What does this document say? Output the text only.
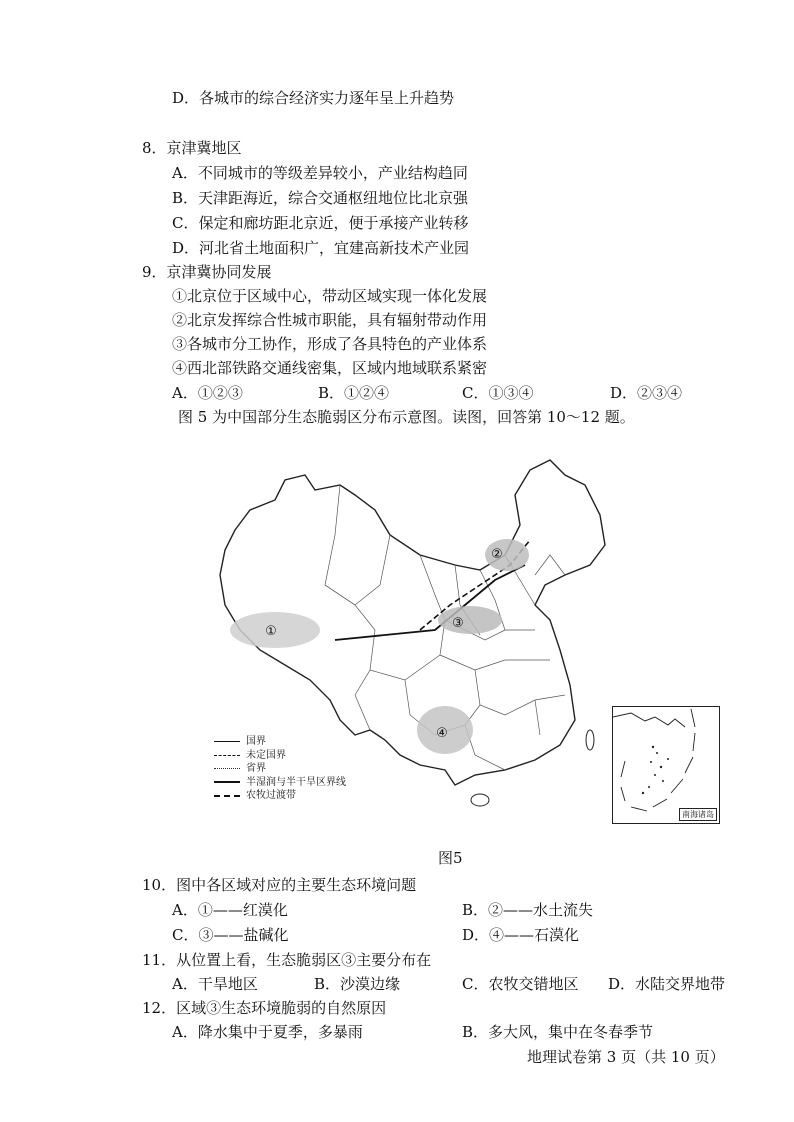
D．各城市的综合经济实力逐年呈上升趋势
8．京津冀地区
A．不同城市的等级差异较小，产业结构趋同
B．天津距海近，综合交通枢纽地位比北京强
C．保定和廊坊距北京近，便于承接产业转移
D．河北省土地面积广，宜建高新技术产业园
9．京津冀协同发展
①北京位于区域中心，带动区域实现一体化发展
②北京发挥综合性城市职能，具有辐射带动作用
③各城市分工协作，形成了各具特色的产业体系
④西北部铁路交通线密集，区域内地域联系紧密
A．①②③	B．①②④	C．①③④	D．②③④
图 5 为中国部分生态脆弱区分布示意图。读图，回答第 10～12 题。
①
②
③
④
国界
未定国界
省界
半湿润与半干旱区界线
农牧过渡带
南海诸岛
图5
10．图中各区域对应的主要生态环境问题
A．①——红漠化	B．②——水土流失
C．③——盐碱化	D．④——石漠化
11．从位置上看，生态脆弱区③主要分布在
A．干旱地区	B．沙漠边缘	C．农牧交错地区 D．水陆交界地带
12．区域③生态环境脆弱的自然原因
A．降水集中于夏季，多暴雨	B．多大风，集中在冬春季节
地理试卷第 3 页（共 10 页）
